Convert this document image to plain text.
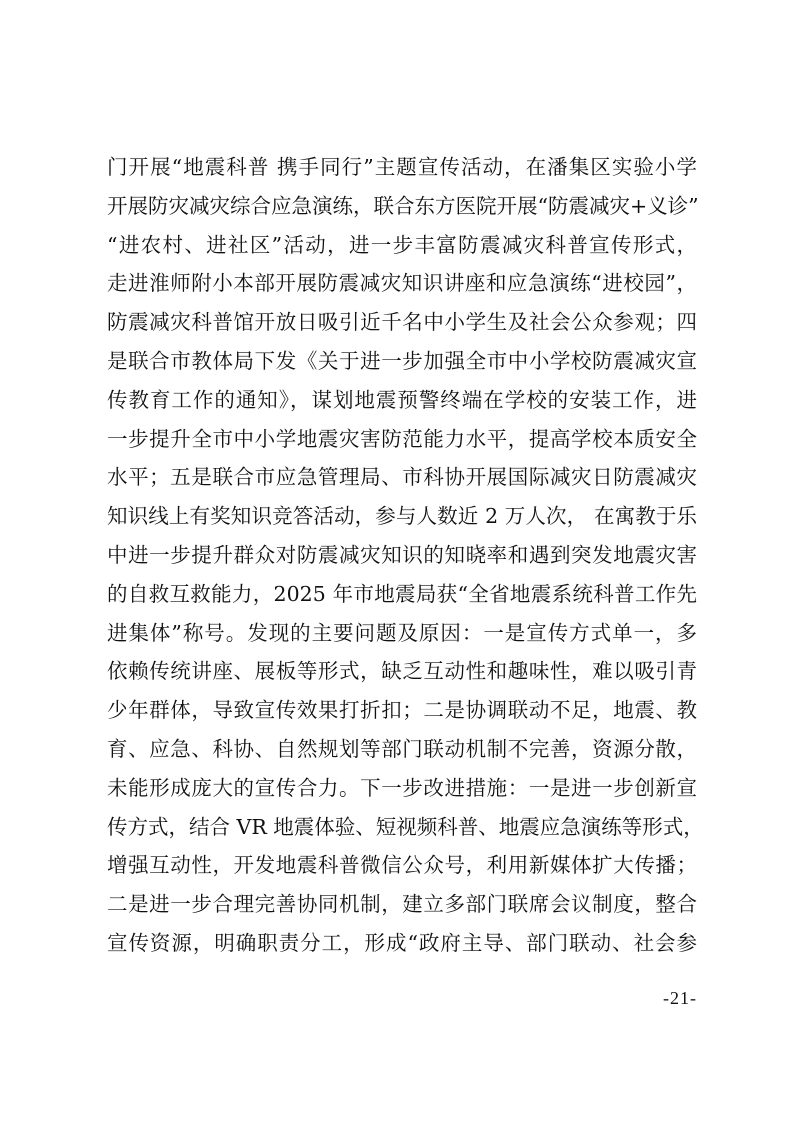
门开展“地震科普 携手同行”主题宣传活动，在潘集区实验小学
开展防灾减灾综合应急演练，联合东方医院开展“防震减灾+义诊”
“进农村、进社区”活动，进一步丰富防震减灾科普宣传形式，
走进淮师附小本部开展防震减灾知识讲座和应急演练“进校园”，
防震减灾科普馆开放日吸引近千名中小学生及社会公众参观；四
是联合市教体局下发《关于进一步加强全市中小学校防震减灾宣
传教育工作的通知》，谋划地震预警终端在学校的安装工作，进
一步提升全市中小学地震灾害防范能力水平，提高学校本质安全
水平；五是联合市应急管理局、市科协开展国际减灾日防震减灾
知识线上有奖知识竞答活动，参与人数近 2 万人次， 在寓教于乐
中进一步提升群众对防震减灾知识的知晓率和遇到突发地震灾害
的自救互救能力，2025 年市地震局获“全省地震系统科普工作先
进集体”称号。发现的主要问题及原因：一是宣传方式单一，多
依赖传统讲座、展板等形式，缺乏互动性和趣味性，难以吸引青
少年群体，导致宣传效果打折扣；二是协调联动不足，地震、教
育、应急、科协、自然规划等部门联动机制不完善，资源分散，
未能形成庞大的宣传合力。下一步改进措施：一是进一步创新宣
传方式，结合 VR 地震体验、短视频科普、地震应急演练等形式，
增强互动性，开发地震科普微信公众号，利用新媒体扩大传播；
二是进一步合理完善协同机制，建立多部门联席会议制度，整合
宣传资源，明确职责分工，形成“政府主导、部门联动、社会参
-21-
